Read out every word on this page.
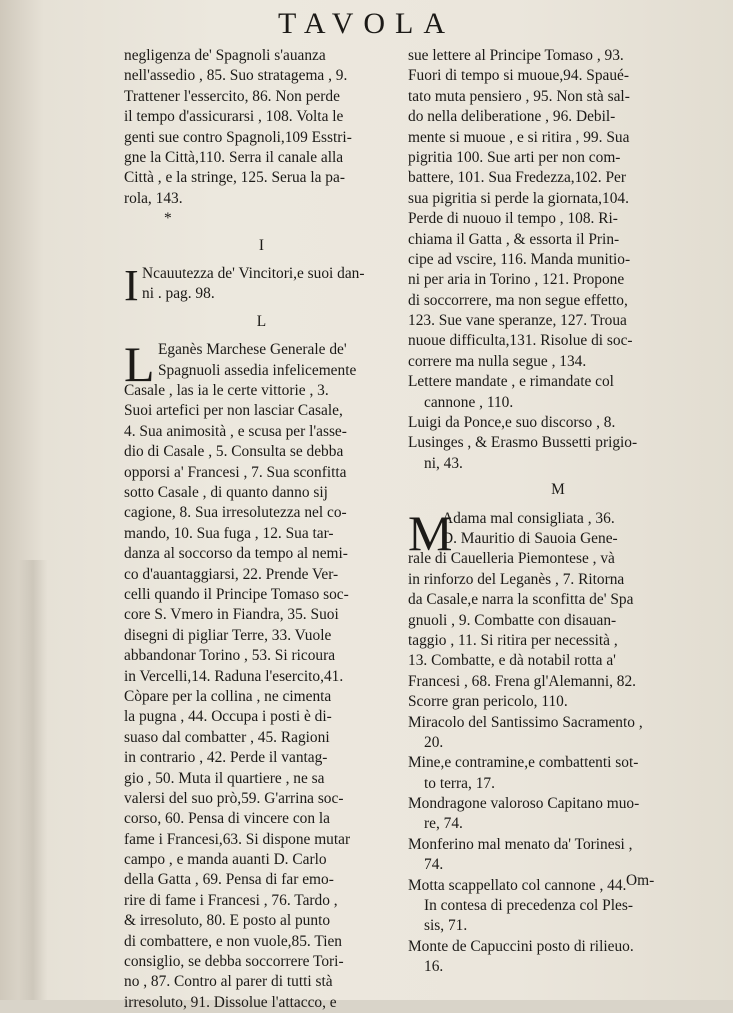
TAVOLA
negligenza de' Spagnoli s'auanza
nell'assedio , 85. Suo stratagema , 9.
Trattener l'essercito, 86. Non perde
il tempo d'assicurarsi , 108. Volta le
genti sue contro Spagnoli,109 Esstri-
gne la Città,110. Serra il canale alla
Città , e la stringe, 125. Serua la pa-
rola, 143.
*
I
I Ncauutezza de' Vincitori,e suoi dan-
ni . pag. 98.
L
L Eganès Marchese Generale de'
Spagnuoli assedia infelicemente
Casale , las ia le certe vittorie , 3.
Suoi artefici per non lasciar Casale,
4. Sua animosità , e scusa per l'asse-
dio di Casale , 5. Consulta se debba
opporsi a' Francesi , 7. Sua sconfitta
sotto Casale , di quanto danno sij
cagione, 8. Sua irresolutezza nel co-
mando, 10. Sua fuga , 12. Sua tar-
danza al soccorso da tempo al nemi-
co d'auantaggiarsi, 22. Prende Ver-
celli quando il Principe Tomaso soc-
core S. Vmero in Fiandra, 35. Suoi
disegni di pigliar Terre, 33. Vuole
abbandonar Torino , 53. Si ricoura
in Vercelli,14. Raduna l'esercito,41.
Còpare per la collina , ne cimenta
la pugna , 44. Occupa i posti è di-
suaso dal combatter , 45. Ragioni
in contrario , 42. Perde il vantag-
gio , 50. Muta il quartiere , ne sa
valersi del suo prò,59. G'arrina soc-
corso, 60. Pensa di vincere con la
fame i Francesi,63. Si dispone mutar
campo , e manda auanti D. Carlo
della Gatta , 69. Pensa di far emo-
rire di fame i Francesi , 76. Tardo ,
& irresoluto, 80. E posto al punto
di combattere, e non vuole,85. Tien
consiglio, se debba soccorrere Tori-
no , 87. Contro al parer di tutti stà
irresoluto, 91. Dissolue l'attacco, e
sue lettere al Principe Tomaso , 93.
Fuori di tempo si muoue,94. Spaué-
tato muta pensiero , 95. Non stà sal-
do nella deliberatione , 96. Debil-
mente si muoue , e si ritira , 99. Sua
pigritia 100. Sue arti per non com-
battere, 101. Sua Fredezza,102. Per
sua pigritia si perde la giornata,104.
Perde di nuouo il tempo , 108. Ri-
chiama il Gatta , & essorta il Prin-
cipe ad vscire, 116. Manda munitio-
ni per aria in Torino , 121. Propone
di soccorrere, ma non segue effetto,
123. Sue vane speranze, 127. Troua
nuoue difficulta,131. Risolue di soc-
correre ma nulla segue , 134.
Lettere mandate , e rimandate col
cannone , 110.
Luigi da Ponce,e suo discorso , 8.
Lusinges , & Erasmo Bussetti prigio-
ni, 43.
M
M
Adama mal consigliata , 36.
D. Mauritio di Sauoia Gene-
rale di Cauelleria Piemontese , và
in rinforzo del Leganès , 7. Ritorna
da Casale,e narra la sconfitta de' Spa
gnuoli , 9. Combatte con disauan-
taggio , 11. Si ritira per necessità ,
13. Combatte, e dà notabil rotta a'
Francesi , 68. Frena gl'Alemanni, 82.
Scorre gran pericolo, 110.
Miracolo del Santissimo Sacramento ,
20.
Mine,e contramine,e combattenti sot-
to terra, 17.
Mondragone valoroso Capitano muo-
re, 74.
Monferino mal menato da' Torinesi ,
74.
Motta scappellato col cannone , 44.
In contesa di precedenza col Ples-
sis, 71.
Monte de Capuccini posto di rilieuo.
16.
Om-
